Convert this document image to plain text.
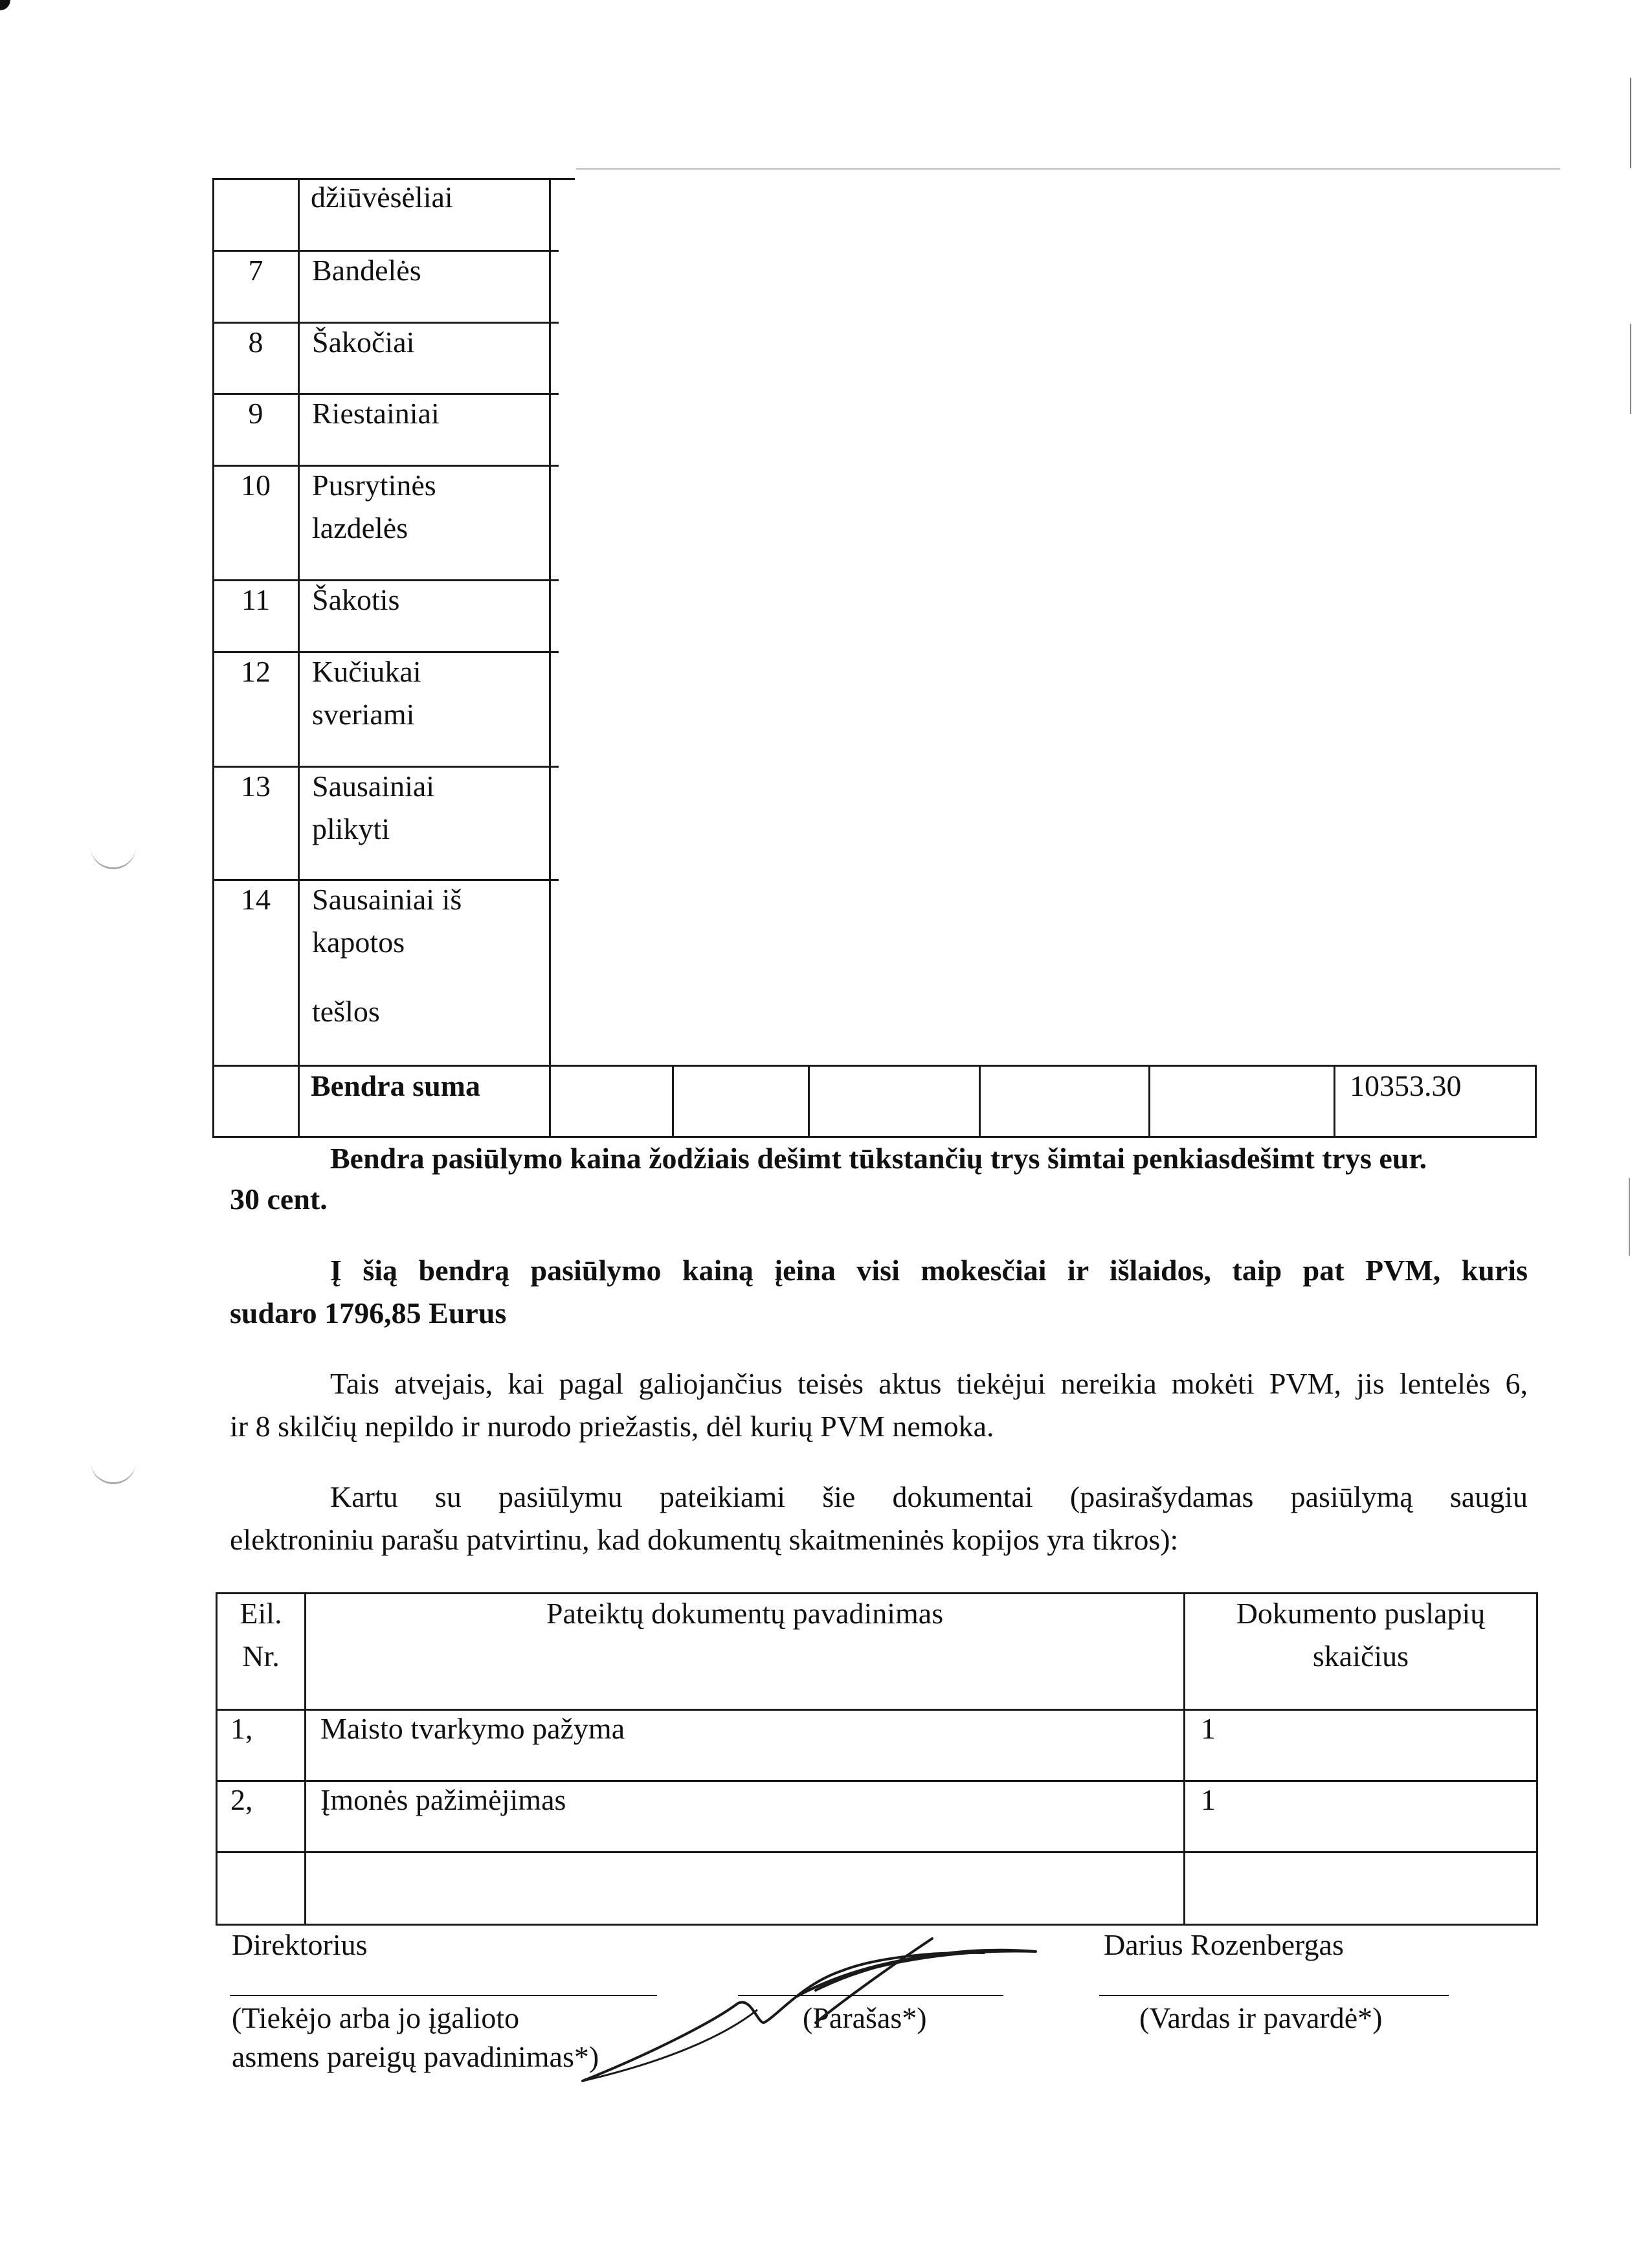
džiūvėsėliai
7	Bandelės
8	Šakočiai
9	Riestainiai
10	Pusrytinės
lazdelės
11	Šakotis
12	Kučiukai
sveriami
13	Sausainiai
plikyti
14	Sausainiai iš
kapotos
tešlos
Bendra suma	10353.30
Bendra pasiūlymo kaina žodžiais dešimt tūkstančių trys šimtai penkiasdešimt trys eur.
30 cent.

Į šią bendrą pasiūlymo kainą įeina visi mokesčiai ir išlaidos, taip pat PVM, kuris

sudaro 1796,85 Eurus

Tais atvejais, kai pagal galiojančius teisės aktus tiekėjui nereikia mokėti PVM, jis lentelės 6,

ir 8 skilčių nepildo ir nurodo priežastis, dėl kurių PVM nemoka.

Kartu su pasiūlymu pateikiami šie dokumentai (pasirašydamas pasiūlymą saugiu

elektroniniu parašu patvirtinu, kad dokumentų skaitmeninės kopijos yra tikros):
Eil.
Nr.
Pateiktų dokumentų pavadinimas	Dokumento puslapių
skaičius
1, Maisto tvarkymo pažyma	1
2, Įmonės pažimėjimas	1
Direktorius	Darius Rozenbergas
(Tiekėjo arba jo įgalioto
asmens pareigų pavadinimas*)
(Parašas*)	(Vardas ir pavardė*)
